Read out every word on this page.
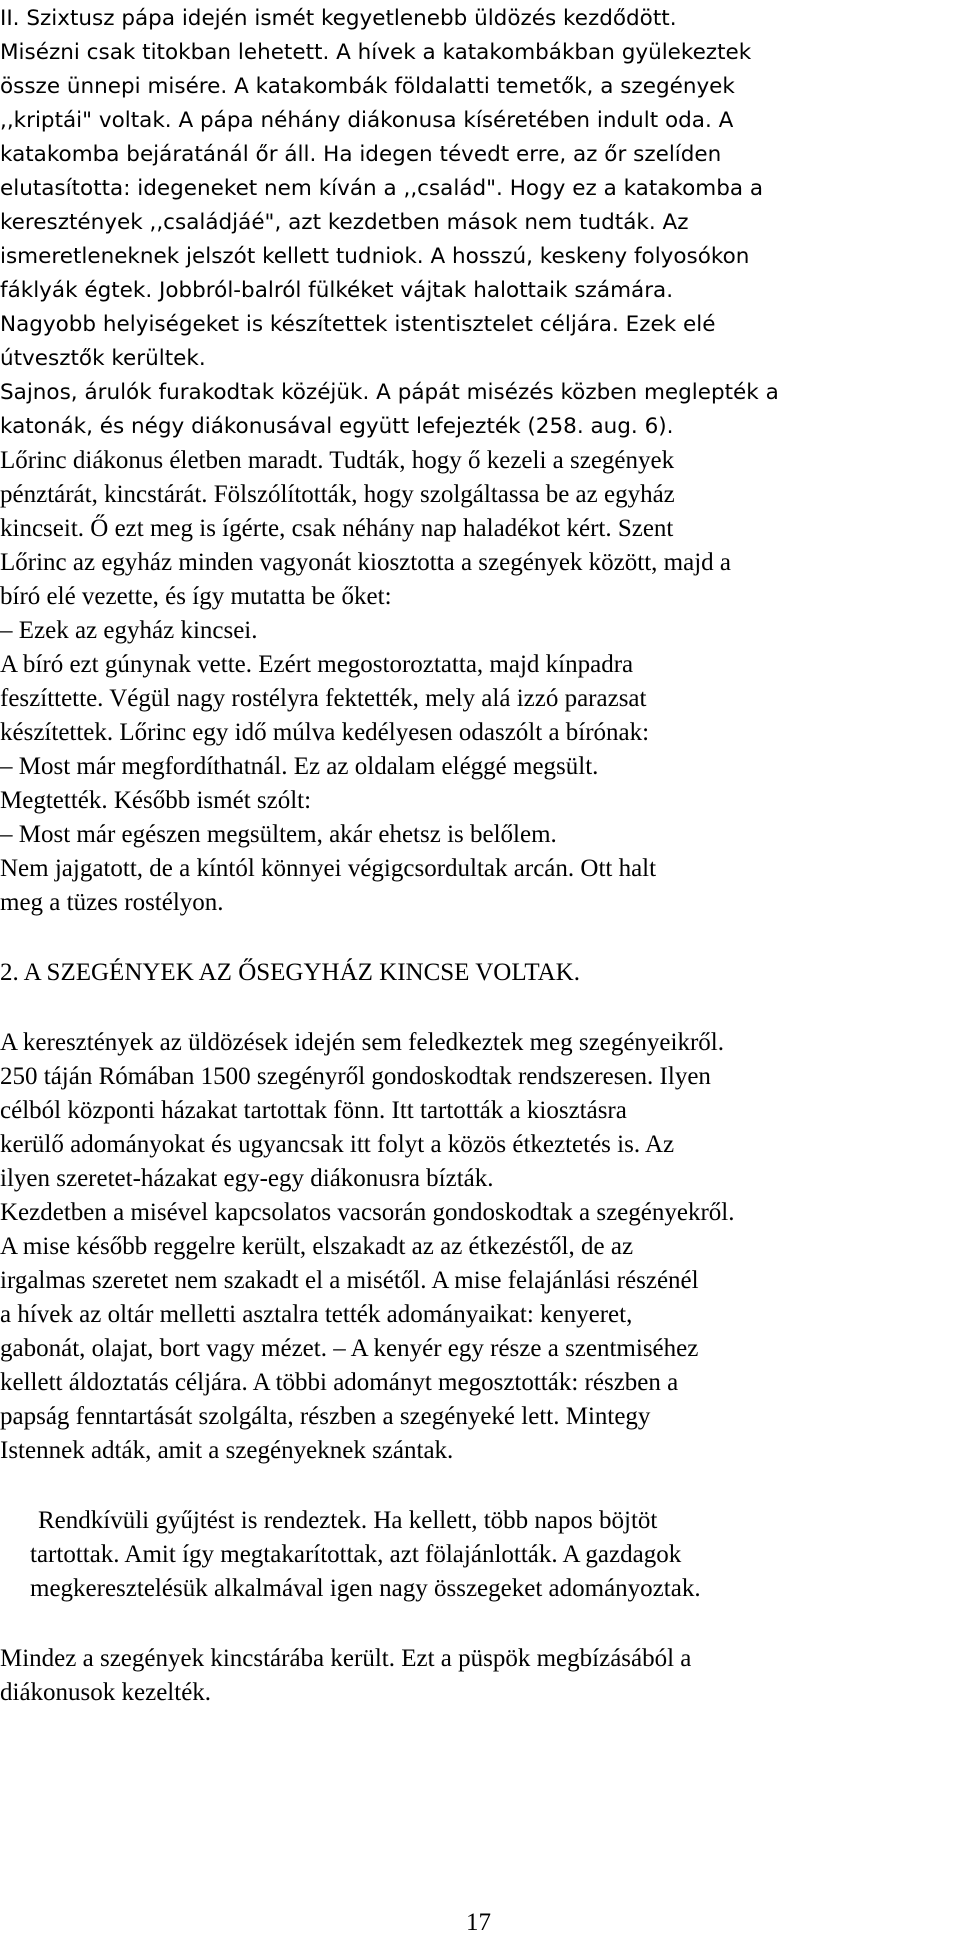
II. Szixtusz pápa idején ismét kegyetlenebb üldözés kezdődött.
Misézni csak titokban lehetett. A hívek a katakombákban gyülekeztek
össze ünnepi misére. A katakombák földalatti temetők, a szegények
,,kriptái" voltak. A pápa néhány diákonusa kíséretében indult oda. A
katakomba bejáratánál őr áll. Ha idegen tévedt erre, az őr szelíden
elutasította: idegeneket nem kíván a ,,család". Hogy ez a katakomba a
keresztények ,,családjáé", azt kezdetben mások nem tudták. Az
ismeretleneknek jelszót kellett tudniok. A hosszú, keskeny folyosókon
fáklyák égtek. Jobbról-balról fülkéket vájtak halottaik számára.
Nagyobb helyiségeket is készítettek istentisztelet céljára. Ezek elé
útvesztők kerültek.
Sajnos, árulók furakodtak közéjük. A pápát misézés közben meglepték a
katonák, és négy diákonusával együtt lefejezték (258. aug. 6).
Lőrinc diákonus életben maradt. Tudták, hogy ő kezeli a szegények
pénztárát, kincstárát. Fölszólították, hogy szolgáltassa be az egyház
kincseit. Ő ezt meg is ígérte, csak néhány nap haladékot kért. Szent
Lőrinc az egyház minden vagyonát kiosztotta a szegények között, majd a
bíró elé vezette, és így mutatta be őket:
– Ezek az egyház kincsei.
A bíró ezt gúnynak vette. Ezért megostoroztatta, majd kínpadra
feszíttette. Végül nagy rostélyra fektették, mely alá izzó parazsat
készítettek. Lőrinc egy idő múlva kedélyesen odaszólt a bírónak:
– Most már megfordíthatnál. Ez az oldalam eléggé megsült.
Megtették. Később ismét szólt:
– Most már egészen megsültem, akár ehetsz is belőlem.
Nem jajgatott, de a kíntól könnyei végigcsordultak arcán. Ott halt
meg a tüzes rostélyon.
2. A SZEGÉNYEK AZ ŐSEGYHÁZ KINCSE VOLTAK.
A keresztények az üldözések idején sem feledkeztek meg szegényeikről.
250 táján Rómában 1500 szegényről gondoskodtak rendszeresen. Ilyen
célból központi házakat tartottak fönn. Itt tartották a kiosztásra
kerülő adományokat és ugyancsak itt folyt a közös étkeztetés is. Az
ilyen szeretet-házakat egy-egy diákonusra bízták.
Kezdetben a misével kapcsolatos vacsorán gondoskodtak a szegényekről.
A mise később reggelre került, elszakadt az az étkezéstől, de az
irgalmas szeretet nem szakadt el a misétől. A mise felajánlási részénél
a hívek az oltár melletti asztalra tették adományaikat: kenyeret,
gabonát, olajat, bort vagy mézet. – A kenyér egy része a szentmiséhez
kellett áldoztatás céljára. A többi adományt megosztották: részben a
papság fenntartását szolgálta, részben a szegényeké lett. Mintegy
Istennek adták, amit a szegényeknek szántak.
Rendkívüli gyűjtést is rendeztek. Ha kellett, több napos böjtöt
tartottak. Amit így megtakarítottak, azt fölajánlották. A gazdagok
megkeresztelésük alkalmával igen nagy összegeket adományoztak.
Mindez a szegények kincstárába került. Ezt a püspök megbízásából a
diákonusok kezelték.
17
